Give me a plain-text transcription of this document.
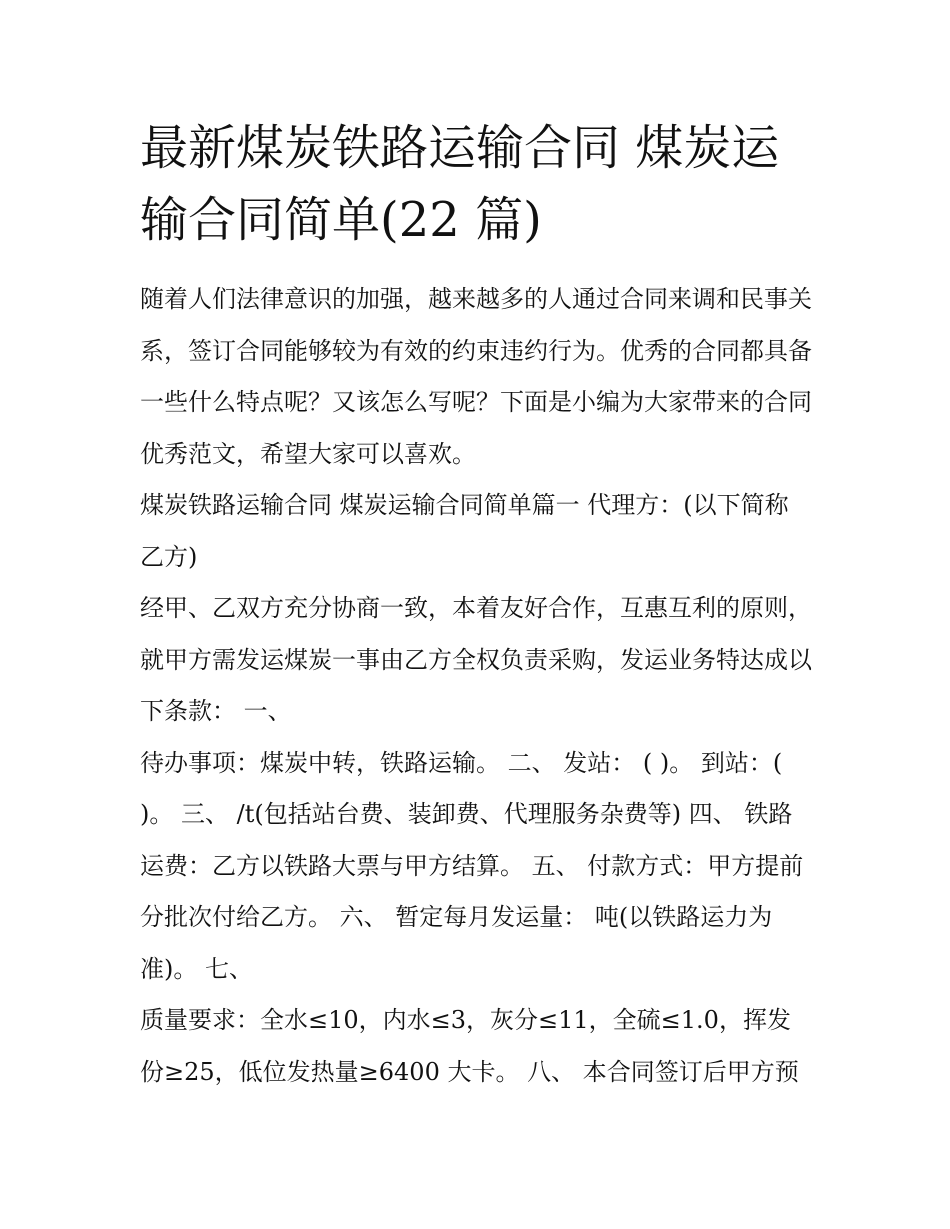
最新煤炭铁路运输合同 煤炭运输合同简单(22 篇)

随着人们法律意识的加强，越来越多的人通过合同来调和民事关系，签订合同能够较为有效的约束违约行为。优秀的合同都具备一些什么特点呢？又该怎么写呢？下面是小编为大家带来的合同优秀范文，希望大家可以喜欢。

煤炭铁路运输合同 煤炭运输合同简单篇一 代理方：(以下简称乙方)

经甲、乙双方充分协商一致，本着友好合作，互惠互利的原则，就甲方需发运煤炭一事由乙方全权负责采购，发运业务特达成以下条款： 一、

待办事项：煤炭中转，铁路运输。 二、 发站： ( )。 到站：( )。 三、 /t(包括站台费、装卸费、代理服务杂费等) 四、 铁路运费：乙方以铁路大票与甲方结算。 五、 付款方式：甲方提前分批次付给乙方。 六、 暂定每月发运量： 吨(以铁路运力为准)。 七、

质量要求：全水≤10，内水≤3，灰分≤11，全硫≤1.0，挥发份≥25，低位发热量≥6400 大卡。 八、 本合同签订后甲方预
